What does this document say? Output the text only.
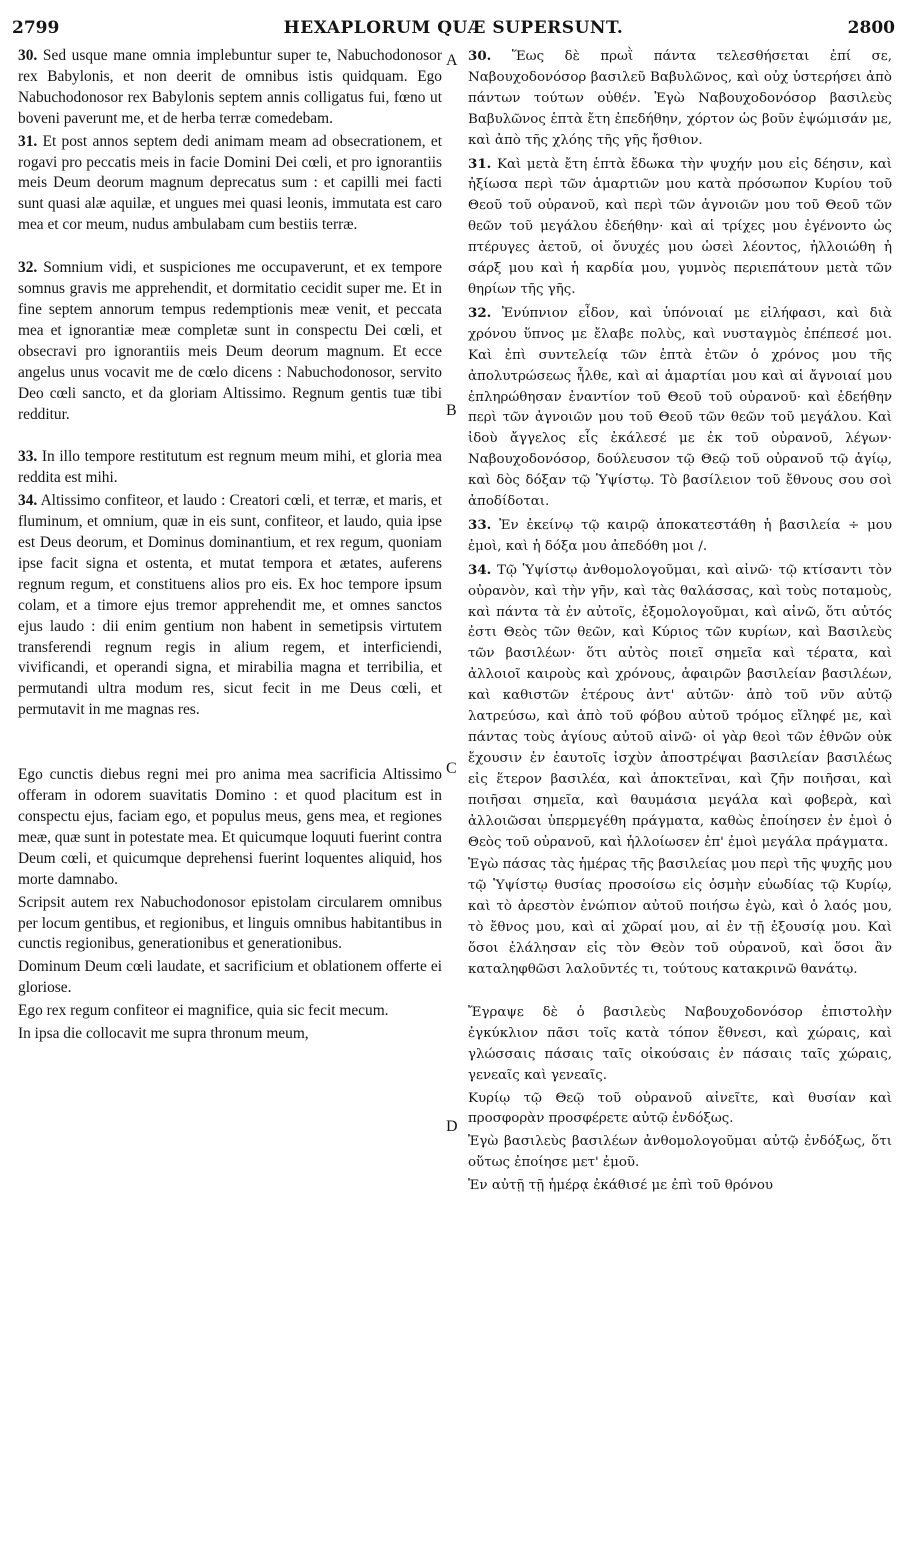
2799	HEXAPLORUM QUÆ SUPERSUNT.	2800
A
B
C
D

30. Sed usque mane omnia implebuntur super te, Nabuchodonosor rex Babylonis, et non deerit de omnibus istis quidquam. Ego Nabuchodonosor rex Babylonis septem annis colligatus fui, fœno ut boveni paverunt me, et de herba terræ comedebam.

31. Et post annos septem dedi animam meam ad obsecrationem, et rogavi pro peccatis meis in facie Domini Dei cœli, et pro ignorantiis meis Deum deorum magnum deprecatus sum : et capilli mei facti sunt quasi alæ aquilæ, et ungues mei quasi leonis, immutata est caro mea et cor meum, nudus ambulabam cum bestiis terræ.

32. Somnium vidi, et suspiciones me occupaverunt, et ex tempore somnus gravis me apprehendit, et dormitatio cecidit super me. Et in fine septem annorum tempus redemptionis meæ venit, et peccata mea et ignorantiæ meæ completæ sunt in conspectu Dei cœli, et obsecravi pro ignorantiis meis Deum deorum magnum. Et ecce angelus unus vocavit me de cœlo dicens : Nabuchodonosor, servito Deo cœli sancto, et da gloriam Altissimo. Regnum gentis tuæ tibi redditur.

33. In illo tempore restitutum est regnum meum mihi, et gloria mea reddita est mihi.

34. Altissimo confiteor, et laudo : Creatori cœli, et terræ, et maris, et fluminum, et omnium, quæ in eis sunt, confiteor, et laudo, quia ipse est Deus deorum, et Dominus dominantium, et rex regum, quoniam ipse facit signa et ostenta, et mutat tempora et ætates, auferens regnum regum, et constituens alios pro eis. Ex hoc tempore ipsum colam, et a timore ejus tremor apprehendit me, et omnes sanctos ejus laudo : dii enim gentium non habent in semetipsis virtutem transferendi regnum regis in alium regem, et interficiendi, vivificandi, et operandi signa, et mirabilia magna et terribilia, et permutandi ultra modum res, sicut fecit in me Deus cœli, et permutavit in me magnas res.

Ego cunctis diebus regni mei pro anima mea sacrificia Altissimo offeram in odorem suavitatis Domino : et quod placitum est in conspectu ejus, faciam ego, et populus meus, gens mea, et regiones meæ, quæ sunt in potestate mea. Et quicumque loquuti fuerint contra Deum cœli, et quicumque deprehensi fuerint loquentes aliquid, hos morte damnabo.

Scripsit autem rex Nabuchodonosor epistolam circularem omnibus per locum gentibus, et regionibus, et linguis omnibus habitantibus in cunctis regionibus, generationibus et generationibus.

Dominum Deum cœli laudate, et sacrificium et oblationem offerte ei gloriose.

Ego rex regum confiteor ei magnifice, quia sic fecit mecum.

In ipsa die collocavit me supra thronum meum,

30. Ἕως δὲ πρωῒ πάντα τελεσθήσεται ἐπί σε, Ναβουχοδονόσορ βασιλεῦ Βαβυλῶνος, καὶ οὐχ ὑστερήσει ἀπὸ πάντων τούτων οὐθέν. Ἐγὼ Ναβουχοδονόσορ βασιλεὺς Βαβυλῶνος ἑπτὰ ἔτη ἐπεδήθην, χόρτον ὡς βοῦν ἐψώμισάν με, καὶ ἀπὸ τῆς χλόης τῆς γῆς ἤσθιον.

31. Καὶ μετὰ ἔτη ἑπτὰ ἔδωκα τὴν ψυχήν μου εἰς δέησιν, καὶ ἠξίωσα περὶ τῶν ἁμαρτιῶν μου κατὰ πρόσωπον Κυρίου τοῦ Θεοῦ τοῦ οὐρανοῦ, καὶ περὶ τῶν ἀγνοιῶν μου τοῦ Θεοῦ τῶν θεῶν τοῦ μεγάλου ἐδεήθην· καὶ αἱ τρίχες μου ἐγένοντο ὡς πτέρυγες ἀετοῦ, οἱ ὄνυχές μου ὡσεὶ λέοντος, ἠλλοιώθη ἡ σάρξ μου καὶ ἡ καρδία μου, γυμνὸς περιεπάτουν μετὰ τῶν θηρίων τῆς γῆς.

32. Ἐνύπνιον εἶδον, καὶ ὑπόνοιαί με εἰλήφασι, καὶ διὰ χρόνου ὕπνος με ἔλαβε πολὺς, καὶ νυσταγμὸς ἐπέπεσέ μοι. Καὶ ἐπὶ συντελείᾳ τῶν ἑπτὰ ἐτῶν ὁ χρόνος μου τῆς ἀπολυτρώσεως ἦλθε, καὶ αἱ ἁμαρτίαι μου καὶ αἱ ἄγνοιαί μου ἐπληρώθησαν ἐναντίον τοῦ Θεοῦ τοῦ οὐρανοῦ· καὶ ἐδεήθην περὶ τῶν ἀγνοιῶν μου τοῦ Θεοῦ τῶν θεῶν τοῦ μεγάλου. Καὶ ἰδοὺ ἄγγελος εἷς ἐκάλεσέ με ἐκ τοῦ οὐρανοῦ, λέγων· Ναβουχοδονόσορ, δούλευσον τῷ Θεῷ τοῦ οὐρανοῦ τῷ ἁγίῳ, καὶ δὸς δόξαν τῷ Ὑψίστῳ. Τὸ βασίλειον τοῦ ἔθνους σου σοὶ ἀποδίδοται.

33. Ἐν ἐκείνῳ τῷ καιρῷ ἀποκατεστάθη ἡ βασιλεία ÷ μου ἐμοὶ, καὶ ἡ δόξα μου ἀπεδόθη μοι /.

34. Τῷ Ὑψίστῳ ἀνθομολογοῦμαι, καὶ αἰνῶ· τῷ κτίσαντι τὸν οὐρανὸν, καὶ τὴν γῆν, καὶ τὰς θαλάσσας, καὶ τοὺς ποταμοὺς, καὶ πάντα τὰ ἐν αὐτοῖς, ἐξομολογοῦμαι, καὶ αἰνῶ, ὅτι αὐτός ἐστι Θεὸς τῶν θεῶν, καὶ Κύριος τῶν κυρίων, καὶ Βασιλεὺς τῶν βασιλέων· ὅτι αὐτὸς ποιεῖ σημεῖα καὶ τέρατα, καὶ ἀλλοιοῖ καιροὺς καὶ χρόνους, ἀφαιρῶν βασιλείαν βασιλέων, καὶ καθιστῶν ἑτέρους ἀντ' αὐτῶν· ἀπὸ τοῦ νῦν αὐτῷ λατρεύσω, καὶ ἀπὸ τοῦ φόβου αὐτοῦ τρόμος εἴληφέ με, καὶ πάντας τοὺς ἁγίους αὐτοῦ αἰνῶ· οἱ γὰρ θεοὶ τῶν ἐθνῶν οὐκ ἔχουσιν ἐν ἑαυτοῖς ἰσχὺν ἀποστρέψαι βασιλείαν βασιλέως εἰς ἕτερον βασιλέα, καὶ ἀποκτεῖναι, καὶ ζῆν ποιῆσαι, καὶ ποιῆσαι σημεῖα, καὶ θαυμάσια μεγάλα καὶ φοβερὰ, καὶ ἀλλοιῶσαι ὑπερμεγέθη πράγματα, καθὼς ἐποίησεν ἐν ἐμοὶ ὁ Θεὸς τοῦ οὐρανοῦ, καὶ ἠλλοίωσεν ἐπ' ἐμοὶ μεγάλα πράγματα.

Ἐγὼ πάσας τὰς ἡμέρας τῆς βασιλείας μου περὶ τῆς ψυχῆς μου τῷ Ὑψίστῳ θυσίας προσοίσω εἰς ὀσμὴν εὐωδίας τῷ Κυρίῳ, καὶ τὸ ἀρεστὸν ἐνώπιον αὐτοῦ ποιήσω ἐγὼ, καὶ ὁ λαός μου, τὸ ἔθνος μου, καὶ αἱ χῶραί μου, αἱ ἐν τῇ ἐξουσίᾳ μου. Καὶ ὅσοι ἐλάλησαν εἰς τὸν Θεὸν τοῦ οὐρανοῦ, καὶ ὅσοι ἂν καταληφθῶσι λαλοῦντές τι, τούτους κατακρινῶ θανάτῳ.

Ἔγραψε δὲ ὁ βασιλεὺς Ναβουχοδονόσορ ἐπιστολὴν ἐγκύκλιον πᾶσι τοῖς κατὰ τόπον ἔθνεσι, καὶ χώραις, καὶ γλώσσαις πάσαις ταῖς οἰκούσαις ἐν πάσαις ταῖς χώραις, γενεαῖς καὶ γενεαῖς.

Κυρίῳ τῷ Θεῷ τοῦ οὐρανοῦ αἰνεῖτε, καὶ θυσίαν καὶ προσφορὰν προσφέρετε αὐτῷ ἐνδόξως.

Ἐγὼ βασιλεὺς βασιλέων ἀνθομολογοῦμαι αὐτῷ ἐνδόξως, ὅτι οὕτως ἐποίησε μετ' ἐμοῦ.

Ἐν αὐτῇ τῇ ἡμέρᾳ ἐκάθισέ με ἐπὶ τοῦ θρόνου
